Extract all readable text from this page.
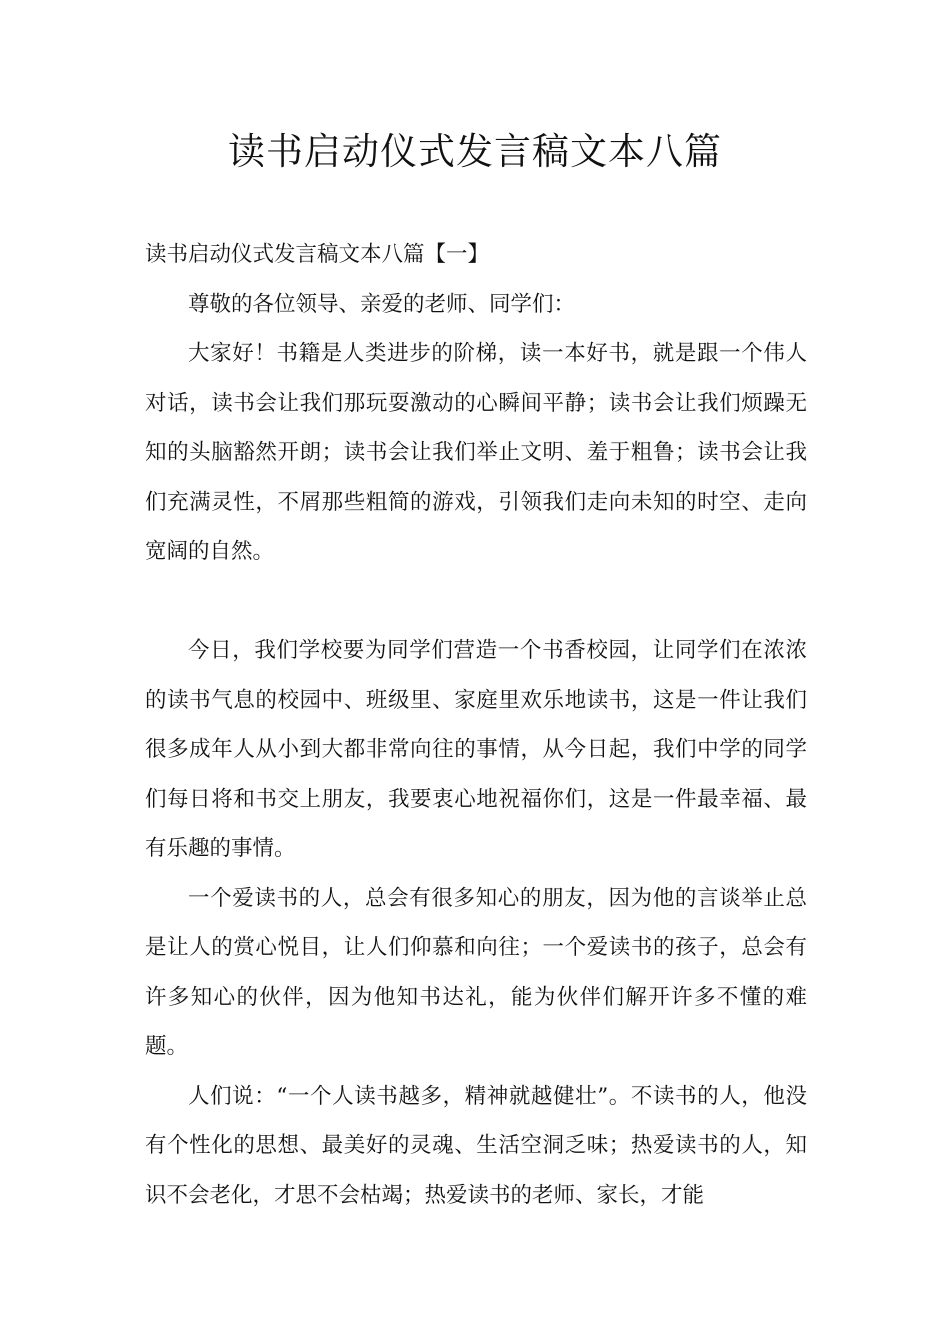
读书启动仪式发言稿文本八篇

读书启动仪式发言稿文本八篇【一】

尊敬的各位领导、亲爱的老师、同学们：

大家好！书籍是人类进步的阶梯，读一本好书，就是跟一个伟人对话，读书会让我们那玩耍激动的心瞬间平静；读书会让我们烦躁无知的头脑豁然开朗；读书会让我们举止文明、羞于粗鲁；读书会让我们充满灵性，不屑那些粗简的游戏，引领我们走向未知的时空、走向宽阔的自然。

今日，我们学校要为同学们营造一个书香校园，让同学们在浓浓的读书气息的校园中、班级里、家庭里欢乐地读书，这是一件让我们很多成年人从小到大都非常向往的事情，从今日起，我们中学的同学们每日将和书交上朋友，我要衷心地祝福你们，这是一件最幸福、最有乐趣的事情。

一个爱读书的人，总会有很多知心的朋友，因为他的言谈举止总是让人的赏心悦目，让人们仰慕和向往；一个爱读书的孩子，总会有许多知心的伙伴，因为他知书达礼，能为伙伴们解开许多不懂的难题。

人们说：“一个人读书越多，精神就越健壮”。不读书的人，他没有个性化的思想、最美好的灵魂、生活空洞乏味；热爱读书的人，知识不会老化，才思不会枯竭；热爱读书的老师、家长，才能
